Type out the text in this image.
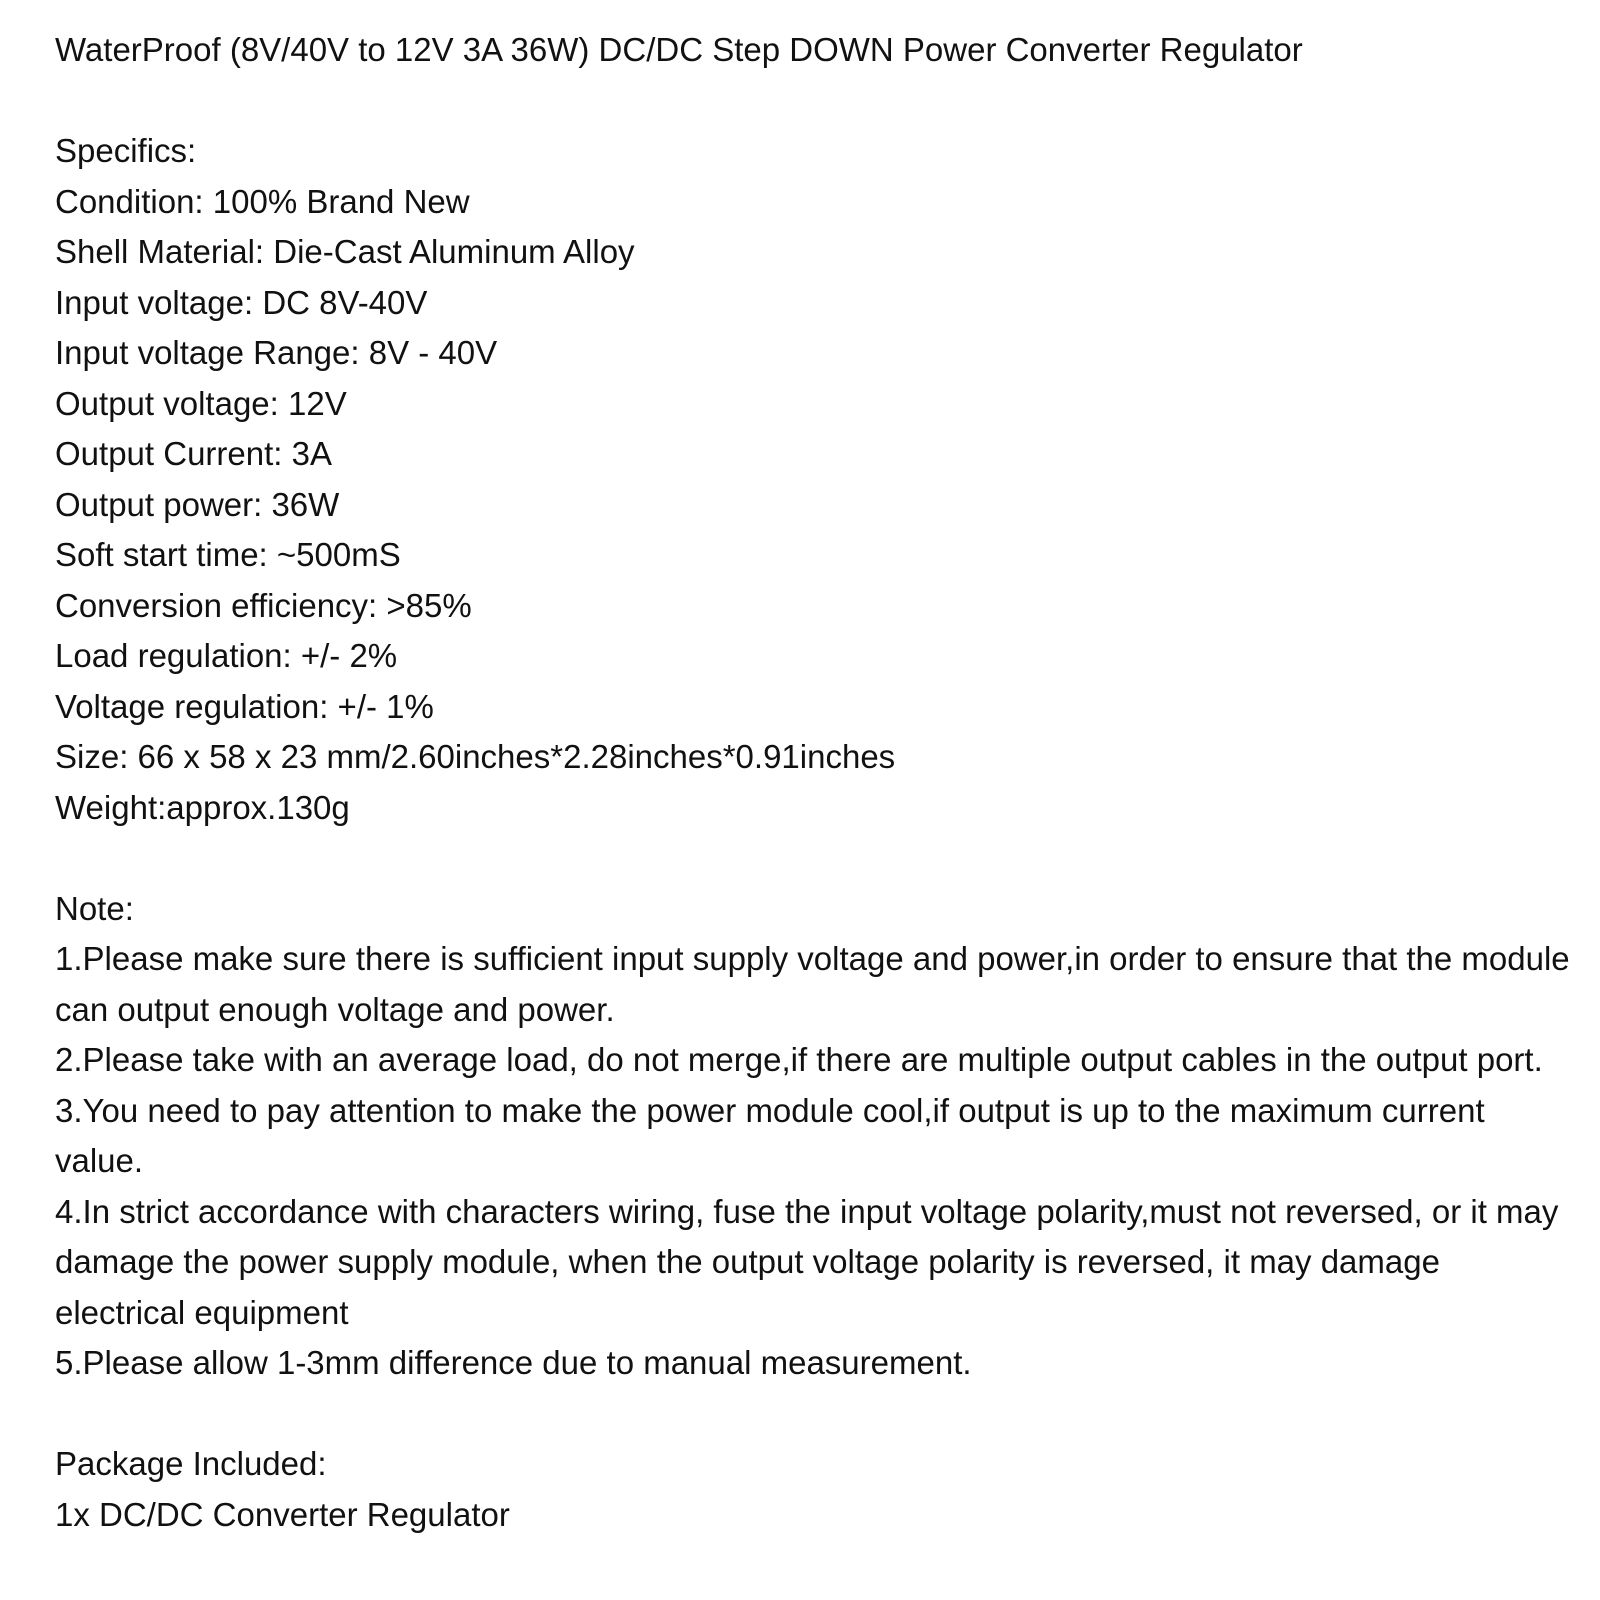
WaterProof (8V/40V to 12V 3A 36W) DC/DC Step DOWN Power Converter Regulator
Specifics:
Condition: 100% Brand New
Shell Material: Die-Cast Aluminum Alloy
Input voltage: DC 8V-40V
Input voltage Range: 8V - 40V
Output voltage: 12V
Output Current: 3A
Output power: 36W
Soft start time: ~500mS
Conversion efficiency: >85%
Load regulation: +/- 2%
Voltage regulation: +/- 1%
Size: 66 x 58 x 23 mm/2.60inches*2.28inches*0.91inches
Weight:approx.130g
Note:
1.Please make sure there is sufficient input supply voltage and power,in order to ensure that the module can output enough voltage and power.
2.Please take with an average load, do not merge,if there are multiple output cables in the output port.
3.You need to pay attention to make the power module cool,if output is up to the maximum current value.
4.In strict accordance with characters wiring, fuse the input voltage polarity,must not reversed, or it may damage the power supply module, when the output voltage polarity is reversed, it may damage electrical equipment
5.Please allow 1-3mm difference due to manual measurement.
Package Included:
1x DC/DC Converter Regulator
